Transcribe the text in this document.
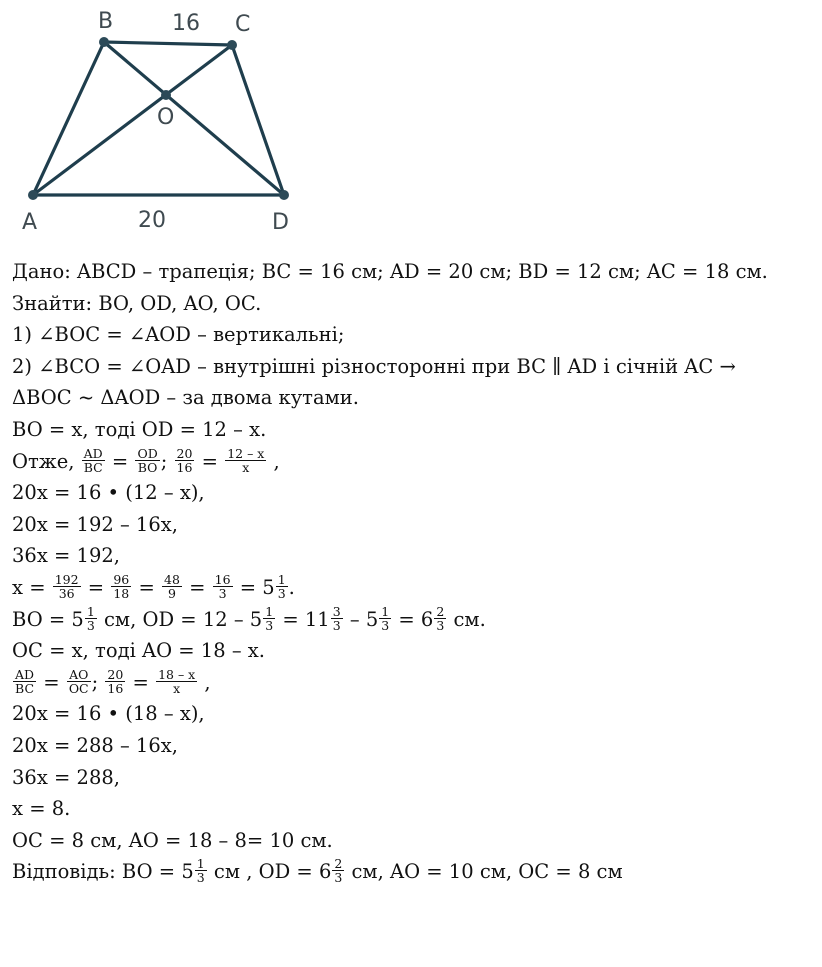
B	C
A	D
O
16
20
Дано: ABCD – трапеція; BC = 16 см; AD = 20 см; BD = 12 см; AC = 18 см.
Знайти: BO, OD, AO, OC.
1) ∠BOC = ∠AOD – вертикальні;
2) ∠BCO = ∠OAD – внутрішні різносторонні при BC ∥ AD і січній AC →
ΔBOC ~ ΔAOD – за двома кутами.
BO = x, тоді OD = 12 – x.
Отже, $\frac{AD}{BC} = \frac{OD}{BO}$ ; $\frac{20}{16} = \frac{12 - x}{x}$ ,
20x = 16 • (12 – x),
20x = 192 – 16x,
36x = 192,
$x = \frac{192}{36} = \frac{96}{18} = \frac{48}{9} = \frac{16}{3} = 5 \frac{1}{3}$ .
BO = $5 \frac{1}{3}$ см, OD = $12 - 5 \frac{1}{3} = 11 \frac{3}{3} - 5 \frac{1}{3} = 6 \frac{2}{3}$ см.
OC = x, тоді AO = 18 – x.
$\frac{AD}{BC} = \frac{AO}{OC}$ ; $\frac{20}{16} = \frac{18 - x}{x}$ ,
20x = 16 • (18 – x),
20x = 288 – 16x,
36x = 288,
x = 8.
OC = 8 см, AO = 18 – 8= 10 см.
Відповідь: BO = $5 \frac{1}{3}$ см , OD = $6 \frac{2}{3}$ см, AO = 10 см, OC = 8 см
